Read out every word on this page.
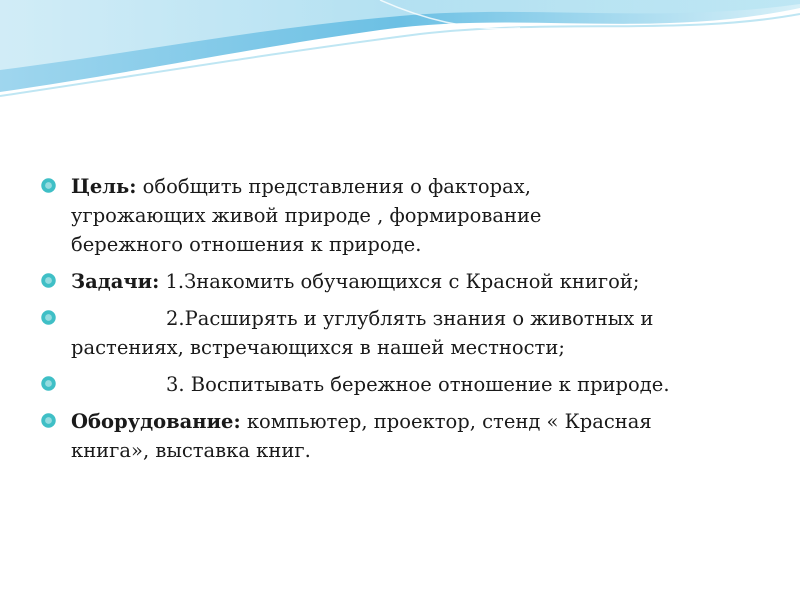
Цель: обобщить представления о факторах,
угрожающих живой природе , формирование
бережного отношения к природе.
Задачи: 1.Знакомить обучающихся с Красной книгой;
2.Расширять и углублять знания о животных и
растениях, встречающихся в нашей местности;
3. Воспитывать бережное отношение к природе.
Оборудование: компьютер, проектор, стенд « Красная
книга», выставка книг.
